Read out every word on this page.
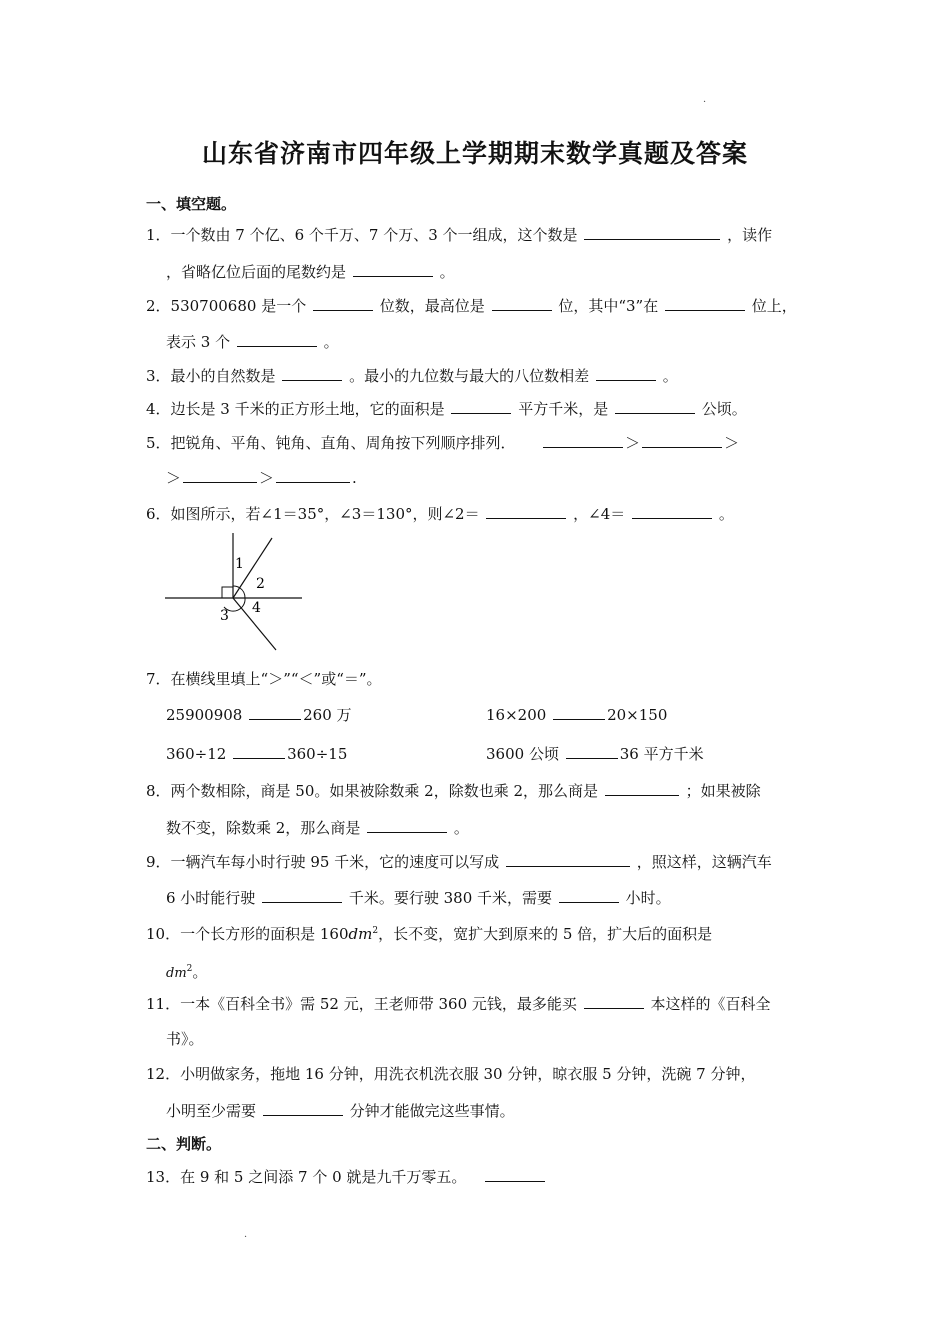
．
山东省济南市四年级上学期期末数学真题及答案
一、填空题。
1．一个数由 7 个亿、6 个千万、7 个万、3 个一组成，这个数是	，读作
，省略亿位后面的尾数约是	。
2．530700680 是一个	位数，最高位是	位，其中“3”在	位上，
表示 3 个	。
3．最小的自然数是	。最小的九位数与最大的八位数相差	。
4．边长是 3 千米的正方形土地，它的面积是	平方千米，是	公顷。
5．把锐角、平角、钝角、直角、周角按下列顺序排列．	＞	＞
＞	＞	.
6．如图所示，若∠1＝35°，∠3＝130°，则∠2＝	，∠4＝	。
1
2
3 4
7．在横线里填上“＞”“＜”或“＝”。
25900908	260 万	16×200	20×150
360÷12	360÷15	3600 公顷	36 平方千米
8．两个数相除，商是 50。如果被除数乘 2，除数也乘 2，那么商是	；如果被除
数不变，除数乘 2，那么商是	。
9．一辆汽车每小时行驶 95 千米，它的速度可以写成	，照这样，这辆汽车
6 小时能行驶	千米。要行驶 380 千米，需要	小时。
10．一个长方形的面积是 $160dm^2$，长不变，宽扩大到原来的 5 倍，扩大后的面积是
$dm^2$。
11．一本《百科全书》需 52 元，王老师带 360 元钱，最多能买	本这样的《百科全
书》。
12．小明做家务，拖地 16 分钟，用洗衣机洗衣服 30 分钟，晾衣服 5 分钟，洗碗 7 分钟，
小明至少需要	分钟才能做完这些事情。
二、判断。
13．在 9 和 5 之间添 7 个 0 就是九千万零五。
．
